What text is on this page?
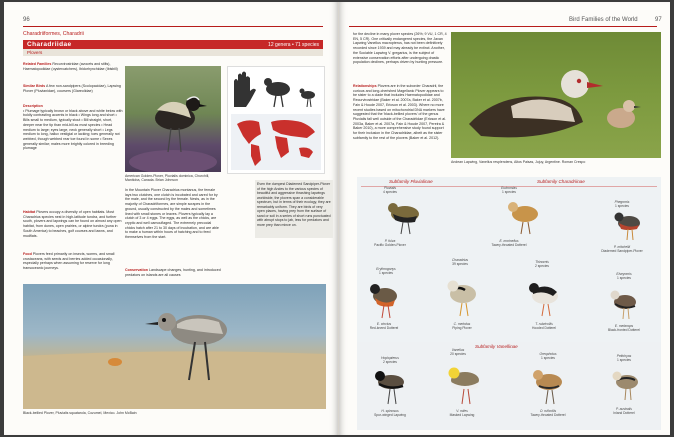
96
Charadriiformes, Charadrii
Charadriidae	12 genera • 71 species
Plovers
Related Families Recurvirostridae (avocets and stilts), Haematopodidae (oystercatchers), Ibidorhynchidae (Ibisbill)
Similar Birds A few non-sandpipers (Scolopacidae), Lapwing Plover (Pluvianidae), coursers (Glareolidae)
Description
• Plumage typically brown or black above and white below with boldly contrasting accents in black • Wings long and short • Bills small to medium, typically stout • Bill straight, short, deeper near the tip than mid-bill as most species • Head medium to large; eyes large, neck generally short • Legs medium to long, hallux vestigial or lacking; toes generally not webbed, though webbed rear toe found in some • Sexes generally similar; males more brightly colored in breeding plumage
American Golden-Plover, Pluvialis dominica, Churchill, Manitoba, Canada. Brian Johnson
Habitat Plovers occupy a diversity of open habitats. Most Charadrius species nest in high-latitude tundra, and further south, plovers and lapwings can be found on almost any open habitat, from dunes, open prairies, or alpine tundra (puna in South America) to beaches, golf courses and lawns, and mudflats.
Food Plovers feed primarily on insects, worms, and small crustaceans, with seeds and berries added occasionally, especially perhaps when assuming for reserve for long transoceanic journeys.
In the Mountain Plover Charadrius montanus, the female lays two clutches, one clutch is incubated and cared for by the male, and the second by the female. Nests, as in the majority of Charadriiformes, are simple scrapes in the ground, usually constructed by the males and sometimes lined with small stones or leaves. Plovers typically lay a clutch of 3 or 4 eggs. The eggs, as well as the chicks, are cryptic and well camouflaged. The extremely precocial chicks hatch after 21 to 30 days of incubation, and are able to make a human within hours of hatching and to feed themselves from the start.
Conservation Landscape changes, hunting, and introduced predators on islands are all causes
Even the dumpest Diademed Sandpiper-Plover of the high Andes to the various species of beautiful and aggressive thrashing lapwings worldwide, the plovers span a considerable spectrum, but in terms of their ecology, they are remarkably uniform. They are birds of very open places, having prey from the surface of sand or soil in a series of short runs punctuated with abrupt stops to jab, less for predators and more prey than mince on.
Black-bellied Plover, Pluvialis squatarola, Cozumel, Mexico. John McBain
Bird Families of the World	97
for the decline in many plover species (26%; 9 VU, 1 CR, 4 EN, 5 CR). One critically endangered species, the Javan Lapwing Vanellus macropterus, has not been definitively recorded since 1939 and may already be extinct. Another, the Sociable Lapwing V. gregarius, is the subject of extensive conservation efforts after undergoing drastic population declines, perhaps driven by hunting pressure.
Relationships Plovers are in the suborder Charadrii, the curious and long-cherished Magellanic Plover appears to be sister to a clade that includes Haematopodidae and Recurvirostridae (Baker et al. 2007a, Baker et al. 2007b, Fain & Houde 2007, Ericson et al. 2003). Where no more recent studies based on mitochondrial DNA markers have suggested that the 'black-bellied plovers' of the genus Pluvialis fall well outside of the Charadriidae (Ericson et al. 2003a, Baker et al. 2007a, Fain & Houde 2007, Pereira & Baker 2010), a more comprehensive study found support for their inclusion in the Charadriidae, albeit as the sister subfamily to the rest of the plovers (Baker et al. 2012).
Andean Lapwing, Vanellus resplendens, Altos Paisas, Jujuy, Argentine. Roman Crespo
Subfamily Pluvialinae	Subfamily Charadriinae
Subfamily Vanellinae
Pluvialis
4 species
Eudromias
1 species
Phegornis
1 species
P. fulva
Pacific Golden-Plover
E. morinellus
Tawny-throated Dotterel	P. mitchellii
Diademed Sandpiper-Plover
Erythrogonys
1 species
Charadrius
39 species	Thinornis
2 species
Elseyornis
1 species
E. cinctus
Red-kneed Dotterel
C. melodus
Piping Plover
T. rubricollis
Hooded Dotterel	E. melanops
Black-fronted Dotterel
Hoplopterus
2 species
Vanellus
20 species	Oreopholus
1 species	Peltohyas
1 species
H. spinosus
Spur-winged Lapwing
V. miles
Masked Lapwing
O. ruficollis
Tawny-throated Dotterel
P. australis
Inland Dotterel
